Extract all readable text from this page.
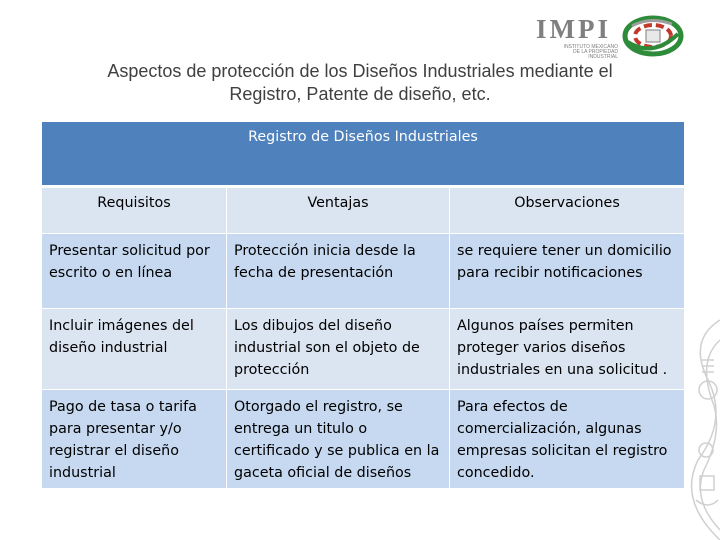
IMPI
INSTITUTO MEXICANO
DE LA PROPIEDAD
INDUSTRIAL
Aspectos de protección de los Diseños Industriales mediante el
Registro, Patente de diseño, etc.
Registro de Diseños Industriales		
Requisitos	Ventajas	Observaciones
Presentar solicitud por escrito o en línea	Protección inicia desde la fecha de presentación	se requiere tener un domicilio para recibir notificaciones
Incluir imágenes del diseño industrial	Los dibujos del diseño industrial son el objeto de protección	Algunos países permiten proteger varios diseños industriales en una solicitud .
Pago de tasa o tarifa para presentar y/o registrar el diseño industrial	Otorgado el registro, se entrega un titulo o certificado y se publica en la gaceta oficial de diseños	Para efectos de comercialización, algunas empresas solicitan el registro concedido.
